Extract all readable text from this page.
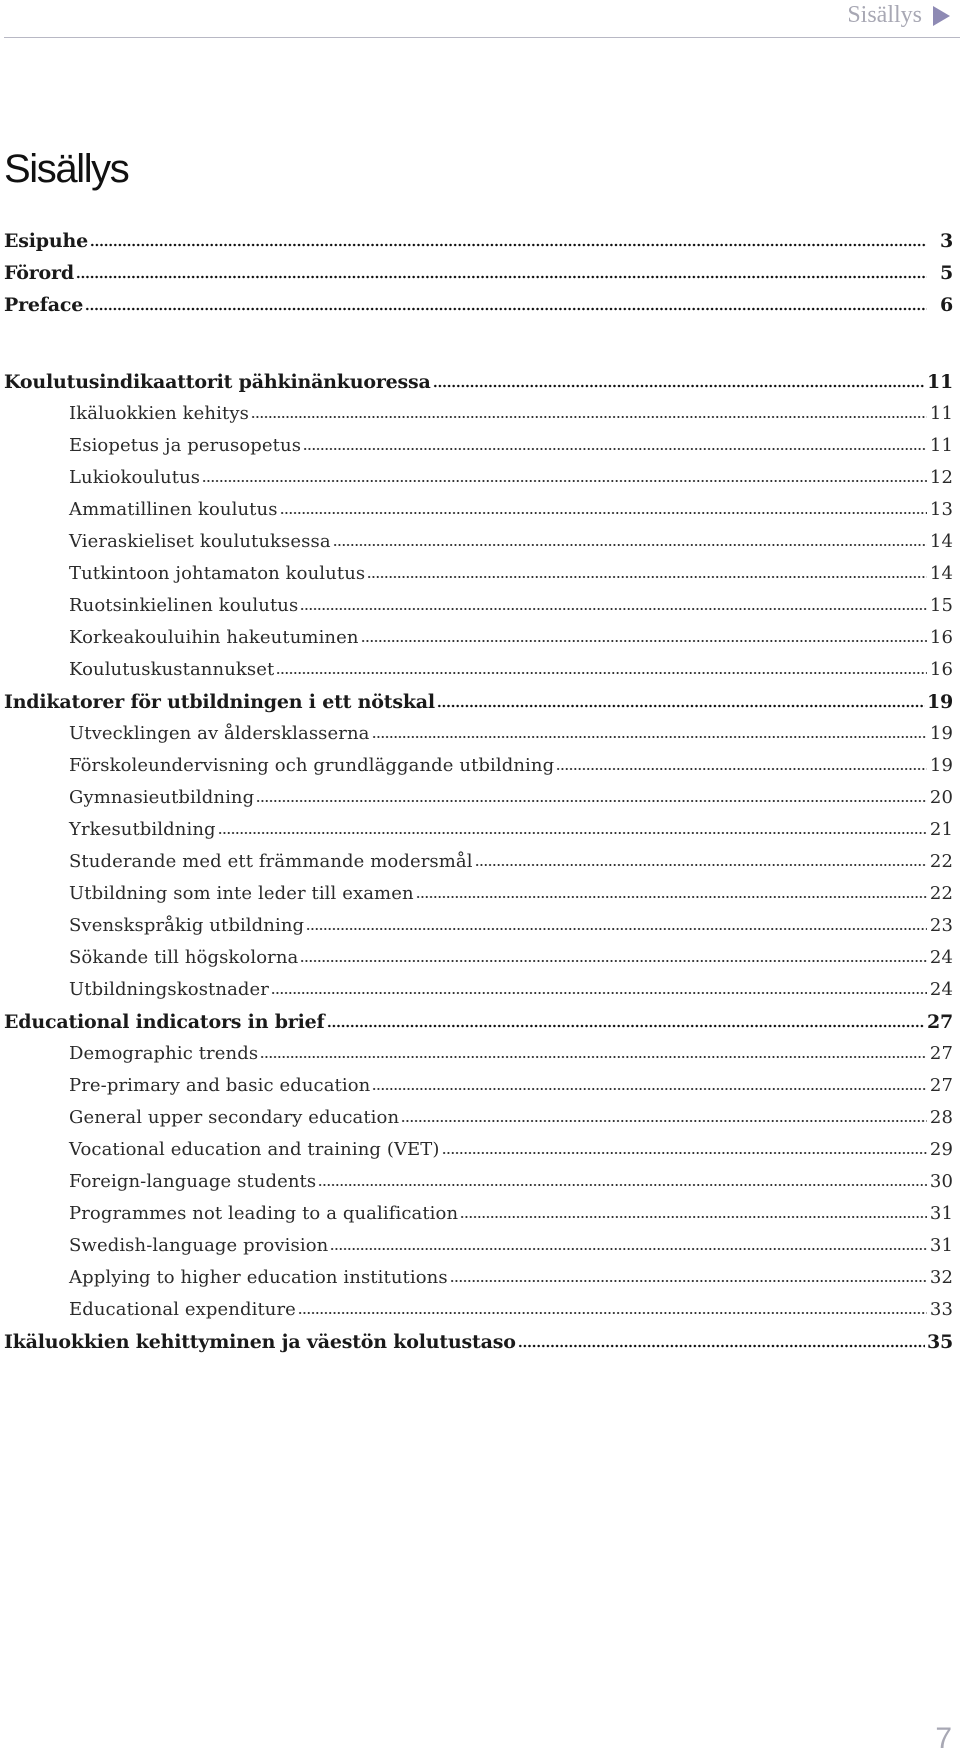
Sisällys
Sisällys
Esipuhe	3
Förord	5
Preface	6
Koulutusindikaattorit pähkinänkuoressa	11
Ikäluokkien kehitys	11
Esiopetus ja perusopetus	11
Lukiokoulutus	12
Ammatillinen koulutus	13
Vieraskieliset koulutuksessa	14
Tutkintoon johtamaton koulutus	14
Ruotsinkielinen koulutus	15
Korkeakouluihin hakeutuminen	16
Koulutuskustannukset	16
Indikatorer för utbildningen i ett nötskal	19
Utvecklingen av åldersklasserna	19
Förskoleundervisning och grundläggande utbildning	19
Gymnasieutbildning	20
Yrkesutbildning	21
Studerande med ett främmande modersmål	22
Utbildning som inte leder till examen	22
Svenskspråkig utbildning	23
Sökande till högskolorna	24
Utbildningskostnader	24
Educational indicators in brief	27
Demographic trends	27
Pre-primary and basic education	27
General upper secondary education	28
Vocational education and training (VET)	29
Foreign-language students	30
Programmes not leading to a qualification	31
Swedish-language provision	31
Applying to higher education institutions	32
Educational expenditure	33
Ikäluokkien kehittyminen ja väestön kolutustaso	35
7
